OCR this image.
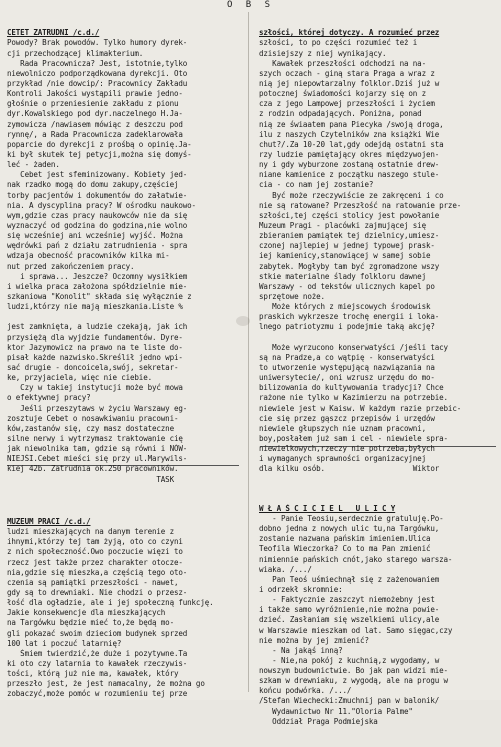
O B S

CETET ZATRUDNI /c.d./
Powody? Brak powodów. Tylko humory dyrek-
cji przechodzącej klimakterium.
Rada Pracownicza? Jest, istotnie,tylko
niewolniczo podporządkowana dyrekcji. Oto
przykład /nie dowcip/: Pracownicy Zakładu
Kontroli Jakości wystąpili prawie jedno-
głośnie o przeniesienie zakładu z pionu
dyr.Kowalskiego pod dyr.naczelnego H.Ja-
zymowicza /nawiasem mówiąc z deszczu pod
rynnę/, a Rada Pracownicza zadeklarowała
poparcie do dyrekcji z prośbą o opinię.Ja-
ki był skutek tej petycji,można się domyś-
leć - żaden.
Cebet jest sfeminizowany. Kobiety jed-
nak rzadko mogą do domu zakupy,częściej
torby pacjentów i dokumentów do załatwie-
nia. A dyscyplina pracy? W ośrodku naukowo-
wym,gdzie czas pracy naukowców nie da się
wyznaczyć od godzina do godzina,nie wolno
się wcześniej ani wcześniej wyjść. Można
wędrówki pań z działu zatrudnienia - spra
wdzaja obecność pracowników kilka mi-
nut przed zakończeniem pracy.
i sprawa... Jeszcze? Oczomny wysiłkiem
i wielka praca założona spółdzielnie mie-
szkaniowa "Konolit" składa się wyłącznie z
ludzi,którzy nie mają mieszkania.Liste %
jest zamknięta, a ludzie czekają, jak ich
przysiężą dla wyjdzie fundamentów. Dyre-
ktor Jazymowicz na prawo na te liste do-
pisał każde nazwisko.Skreślił jedno wpi-
sać drugie - doncoicela,swój, sekretar-
ke, przyjaciela, więc nie ciebie.
Czy w takiej instytucji może być mowa
o efektywnej pracy?
Jeśli przeszytaws w życiu Warszawy eg-
zosztuje Cebet o nosawkiwaniu pracowni-
ków,zastanów się, czy masz dostateczne
silne nerwy i wytrzymasz traktowanie cię
jak niewolnika tam, gdzie są równi i NÓW-
NIEJŚI.Cebet mieści się przy ul.Marywils-
kiej 42b. Zatrudnia ok.250 pracowników.
TASK

MUZEUM PRACI /c.d./
ludzi mieszkających na danym terenie z
ihnymi,którzy tej tam żyją, oto co czyni
z nich społeczność.Owo poczucie więzi to
rzecz jest także przez charakter otocze-
nia,gdzie się mieszka,a częścią tego oto-
czenia są pamiątki przeszłości - nawet,
gdy są to drewniaki. Nie chodzi o przesz-
łość dla ogładzie, ale i jej społeczną funkcję.
Jakie konsekwencje dla mieszkających
na Targówku będzie mieć to,że będą mo-
gli pokazać swoim dzieciom budynek sprzed
100 lat i poczuć latarnię?
Śmiem twierdzić,że duże i pozytywne.Ta
ki oto czy latarnia to kawałek rzeczywis-
tości, którą już nie ma, kawałek, który
przeszło jest, że jest namacalny, że można go
zobaczyć,może pomóc w rozumieniu tej prze

szłości, której dotyczy. A rozumieć przez
szłości, to po części rozumieć też i
dzisiejszy z niej wynikający.
Kawałek przeszłości odchodzi na na-
szych oczach - giną stara Praga a wraz z
nią jej niepowtarzalny folklor.Dziś już w
potocznej świadomości kojarzy się on z
cza z jego Lampowej przeszłości i życiem
z rodzin odpadających. Poniżna, ponad
nią ze świaatem pana Piecyka /swoją droga,
ilu z naszych Czytelników zna książki Wie
chut?/.Za 10-20 lat,gdy odejdą ostatni sta
rzy ludzie pamiętający okres międzywojen-
ny i gdy wyburzone zostaną ostatnie drew-
niane kamienice z początku naszego stule-
cia - co nam jej zostanie?
Być może rzeczywiście ze zakręceni i co
nie są ratowane? Przeszłość na ratowanie prze-
szłości,tej części stolicy jest powołanie
Muzeum Pragi - placówki zajmującej się
zbieraniem pamiątek tej dzielnicy,umiesz-
czonej najlepiej w jednej typowej prask-
iej kamienicy,stanowiącej w samej sobie
zabytek. Mogłyby tam być zgromadzone wszy
stkie materialne ślady folkloru dawnej
Warszawy - od tekstów ulicznych kapel po
sprzętowe noże.
Może których z miejscowych środowisk
praskich wykrzesze trochę energii i loka-
lnego patriotyzmu i podejmie taką akcję?
Może wyrzucono konserwatyści /jeśli tacy
są na Pradze,a co wątpię - konserwatyści
to utworzenie występującą nazwiązania na
uniwersytecie/, oni wzrusz urzędu do mo-
bilizowania do kultywowania tradycji? Chce
rażone nie tylko w Kazimierzu na potrzebie.
niewiele jest w Kaisw. W każdym razie przebic-
cie się przez gąszcz przepisów i urzędów
niewiele głupszych nie uznam pracowni,
boy,posłałem już sam i cel - niewiele spra-
niewielkowych,rzeczy nie potrzeba,byłych
i wymaganych sprawności organizacyjnej
dla kilku osób.                    Wiktor

W Ł A Ś C I C I E L   U L I C Y
- Panie Teosiu,serdecznie gratuluję.Po-
dobno jedna z nowych ulic tu,na Targówku,
zostanie nazwana pańskim imieniem.Ulica
Teofila Wieczorka? Co to ma Pan zmienić
nimiennie pańskich cnót,jako starego warsza-
wiaka. /.../
Pan Teoś uśmiechnął się z zażenowaniem
i odrzekł skromnie:
- Faktycznie zaszczyt niemożebny jest
i także samo wyróżnienie,nie można powie-
dzieć. Zasłaniam się wszelkiemi ulicy,ale
w Warszawie mieszkam od lat. Samo sięgac,czy
nie można by jej zmienić?
- Na jakąś inną?
- Nie,na pokój z kuchnią,z wygodamy, w
nowszym budownictwie. Bo jak pan widzi mie-
szkam w drewniaku, z wygodą, ale na progu w
końcu podwórka. /.../
/Stefan Wiechecki:Zmuchnij pan w balonik/
Wydawnictwo Nr 11."Oloria Palme"
Oddział Praga Podmiejska
